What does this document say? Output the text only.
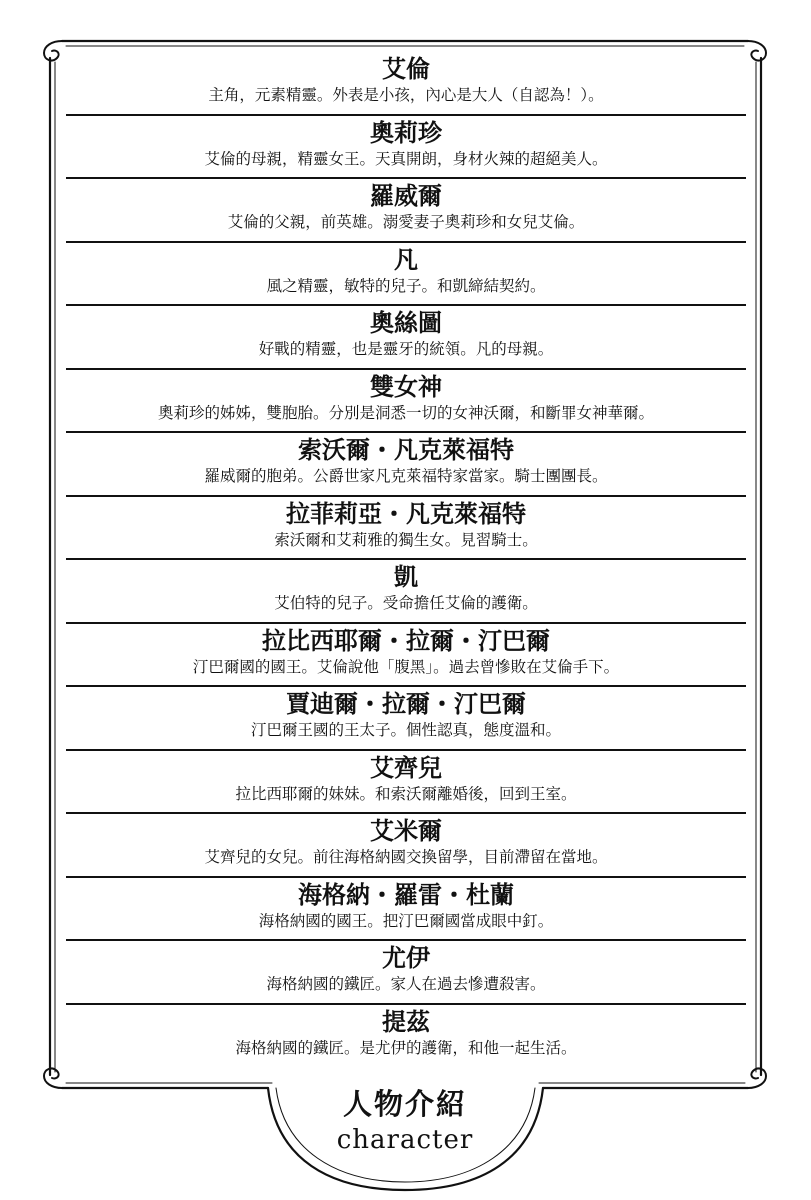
艾倫
主角，元素精靈。外表是小孩，內心是大人（自認為！）。
奧莉珍
艾倫的母親，精靈女王。天真開朗，身材火辣的超絕美人。
羅威爾
艾倫的父親，前英雄。溺愛妻子奧莉珍和女兒艾倫。
凡
風之精靈，敏特的兒子。和凱締結契約。
奧絲圖
好戰的精靈，也是靈牙的統領。凡的母親。
雙女神
奧莉珍的姊姊，雙胞胎。分別是洞悉一切的女神沃爾，和斷罪女神華爾。
索沃爾・凡克萊福特
羅威爾的胞弟。公爵世家凡克萊福特家當家。騎士團團長。
拉菲莉亞・凡克萊福特
索沃爾和艾莉雅的獨生女。見習騎士。
凱
艾伯特的兒子。受命擔任艾倫的護衛。
拉比西耶爾・拉爾・汀巴爾
汀巴爾國的國王。艾倫說他「腹黑」。過去曾慘敗在艾倫手下。
賈迪爾・拉爾・汀巴爾
汀巴爾王國的王太子。個性認真，態度溫和。
艾齊兒
拉比西耶爾的妹妹。和索沃爾離婚後，回到王室。
艾米爾
艾齊兒的女兒。前往海格納國交換留學，目前滯留在當地。
海格納・羅雷・杜蘭
海格納國的國王。把汀巴爾國當成眼中釘。
尤伊
海格納國的鐵匠。家人在過去慘遭殺害。
提茲
海格納國的鐵匠。是尤伊的護衛，和他一起生活。
人物介紹
character
